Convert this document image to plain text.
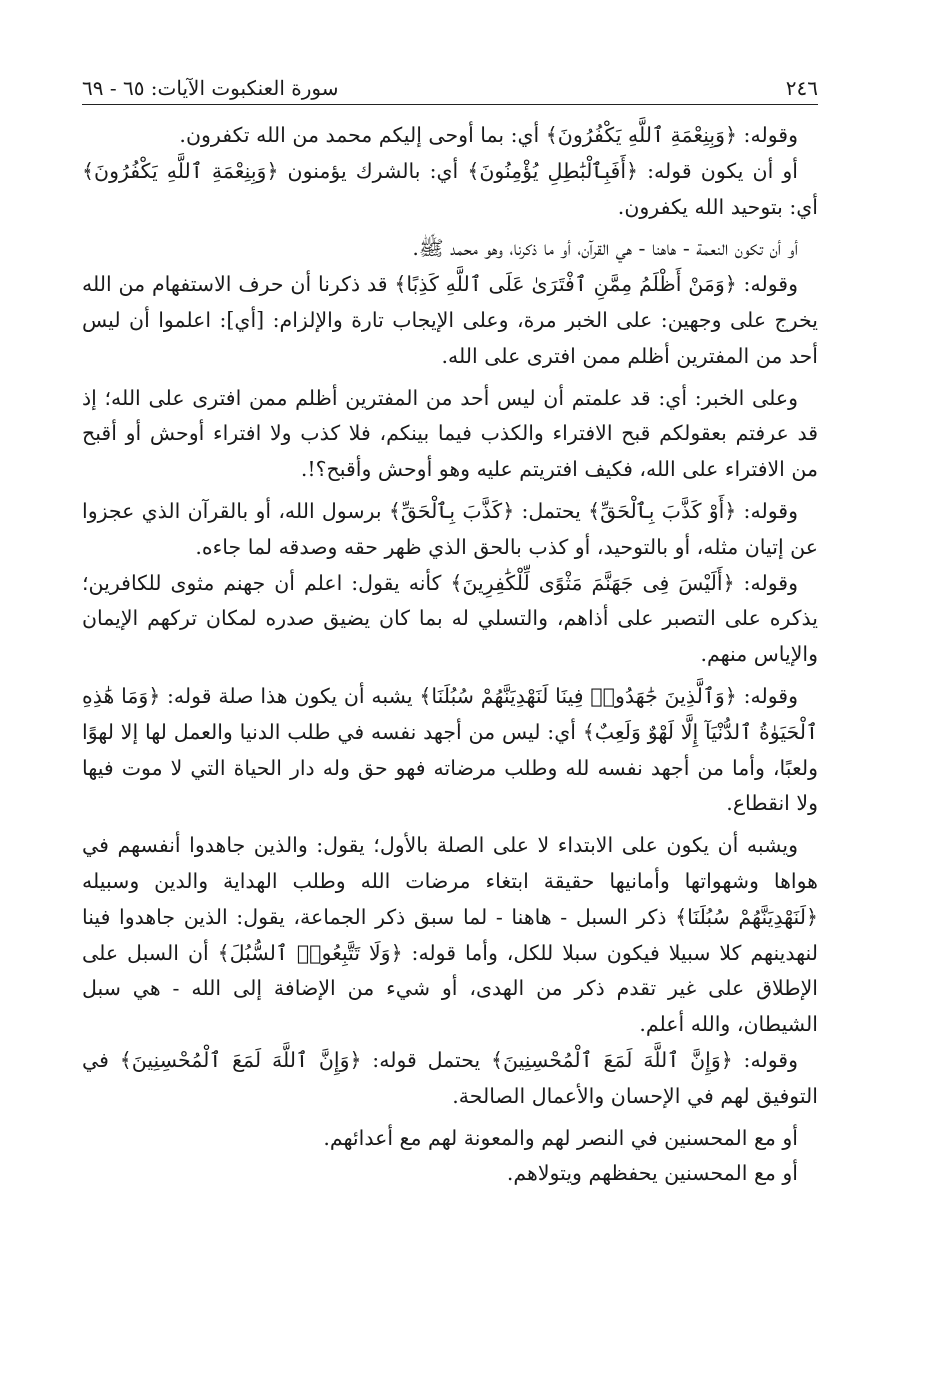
٢٤٦
سورة العنكبوت الآيات: ٦٥ - ٦٩

وقوله: ﴿وَبِنِعْمَةِ ٱللَّهِ يَكْفُرُونَ﴾ أي: بما أوحى إليكم محمد من الله تكفرون.

أو أن يكون قوله: ﴿أَفَبِٱلْبَٰطِلِ يُؤْمِنُونَ﴾ أي: بالشرك يؤمنون ﴿وَبِنِعْمَةِ ٱللَّهِ يَكْفُرُونَ﴾ أي: بتوحيد الله يكفرون.

أو أن تكون النعمة - هاهنا - هي القرآن، أو ما ذكرنا، وهو محمد ﷺ.

وقوله: ﴿وَمَنْ أَظْلَمُ مِمَّنِ ٱفْتَرَىٰ عَلَى ٱللَّهِ كَذِبًا﴾ قد ذكرنا أن حرف الاستفهام من الله يخرج على وجهين: على الخبر مرة، وعلى الإيجاب تارة والإلزام: [أي]: اعلموا أن ليس أحد من المفترين أظلم ممن افترى على الله.

وعلى الخبر: أي: قد علمتم أن ليس أحد من المفترين أظلم ممن افترى على الله؛ إذ قد عرفتم بعقولكم قبح الافتراء والكذب فيما بينكم، فلا كذب ولا افتراء أوحش أو أقبح من الافتراء على الله، فكيف افتريتم عليه وهو أوحش وأقبح؟!.

وقوله: ﴿أَوْ كَذَّبَ بِٱلْحَقِّ﴾ يحتمل: ﴿كَذَّبَ بِٱلْحَقِّ﴾ برسول الله، أو بالقرآن الذي عجزوا عن إتيان مثله، أو بالتوحيد، أو كذب بالحق الذي ظهر حقه وصدقه لما جاءه.

وقوله: ﴿أَلَيْسَ فِى جَهَنَّمَ مَثْوًى لِّلْكَٰفِرِينَ﴾ كأنه يقول: اعلم أن جهنم مثوى للكافرين؛ يذكره على التصبر على أذاهم، والتسلي له بما كان يضيق صدره لمكان تركهم الإيمان والإياس منهم.

وقوله: ﴿وَٱلَّذِينَ جَٰهَدُوا۟ فِينَا لَنَهْدِيَنَّهُمْ سُبُلَنَا﴾ يشبه أن يكون هذا صلة قوله: ﴿وَمَا هَٰذِهِ ٱلْحَيَوٰةُ ٱلدُّنْيَآ إِلَّا لَهْوٌ وَلَعِبٌ﴾ أي: ليس من أجهد نفسه في طلب الدنيا والعمل لها إلا لهوًا ولعبًا، وأما من أجهد نفسه لله وطلب مرضاته فهو حق وله دار الحياة التي لا موت فيها ولا انقطاع.

ويشبه أن يكون على الابتداء لا على الصلة بالأول؛ يقول: والذين جاهدوا أنفسهم في هواها وشهواتها وأمانيها حقيقة ابتغاء مرضات الله وطلب الهداية والدين وسبيله ﴿لَنَهْدِيَنَّهُمْ سُبُلَنَا﴾ ذكر السبل - هاهنا - لما سبق ذكر الجماعة، يقول: الذين جاهدوا فينا لنهدينهم كلا سبيلا فيكون سبلا للكل، وأما قوله: ﴿وَلَا تَتَّبِعُوا۟ ٱلسُّبُلَ﴾ أن السبل على الإطلاق على غير تقدم ذكر من الهدى، أو شيء من الإضافة إلى الله - هي سبل الشيطان، والله أعلم.

وقوله: ﴿وَإِنَّ ٱللَّهَ لَمَعَ ٱلْمُحْسِنِينَ﴾ يحتمل قوله: ﴿وَإِنَّ ٱللَّهَ لَمَعَ ٱلْمُحْسِنِينَ﴾ في التوفيق لهم في الإحسان والأعمال الصالحة.

أو مع المحسنين في النصر لهم والمعونة لهم مع أعدائهم.

أو مع المحسنين يحفظهم ويتولاهم.
